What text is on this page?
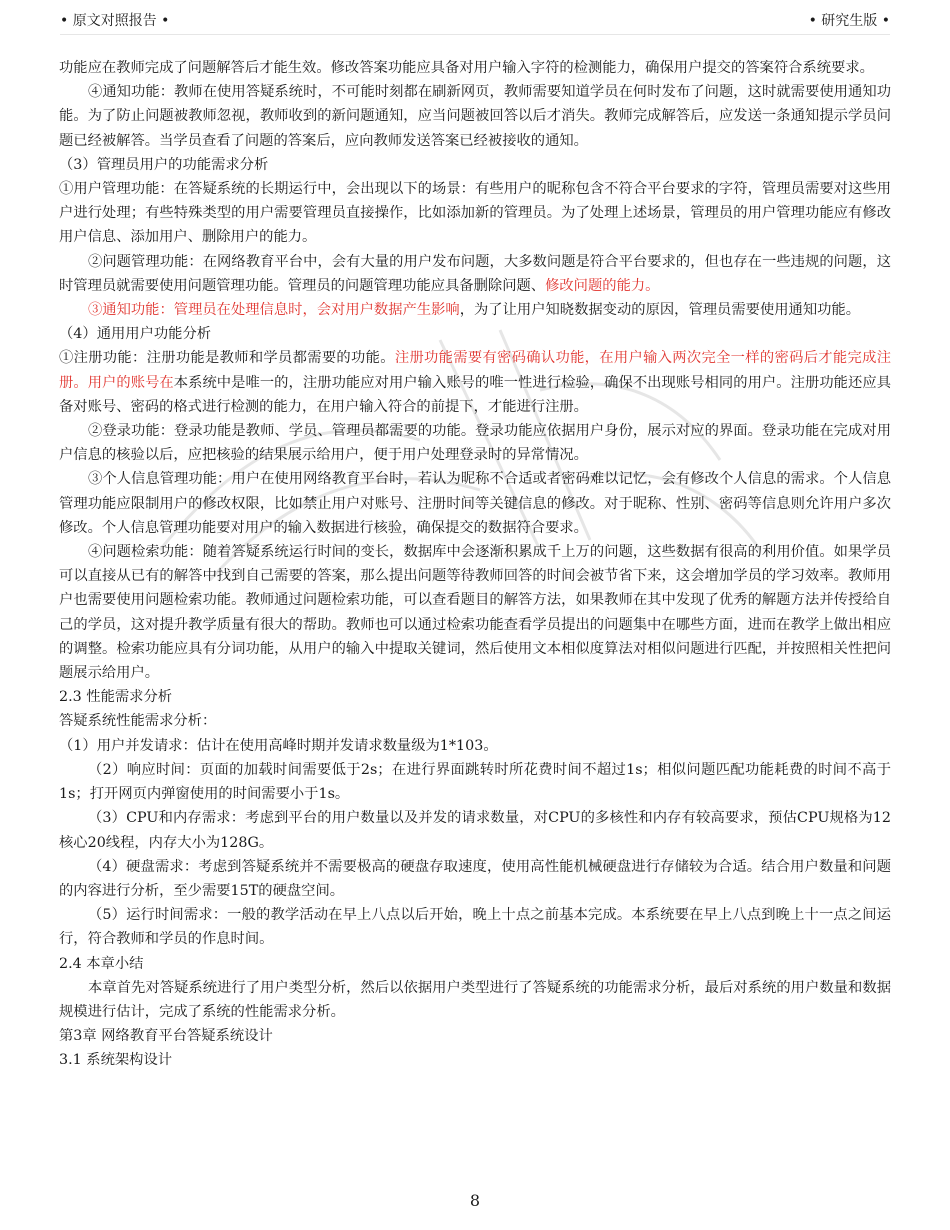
• 原文对照报告 •	• 研究生版 •

功能应在教师完成了问题解答后才能生效。修改答案功能应具备对用户输入字符的检测能力，确保用户提交的答案符合系统要求。

④通知功能：教师在使用答疑系统时，不可能时刻都在刷新网页，教师需要知道学员在何时发布了问题，这时就需要使用通知功能。为了防止问题被教师忽视，教师收到的新问题通知，应当问题被回答以后才消失。教师完成解答后，应发送一条通知提示学员问题已经被解答。当学员查看了问题的答案后，应向教师发送答案已经被接收的通知。

（3）管理员用户的功能需求分析

①用户管理功能：在答疑系统的长期运行中，会出现以下的场景：有些用户的昵称包含不符合平台要求的字符，管理员需要对这些用户进行处理；有些特殊类型的用户需要管理员直接操作，比如添加新的管理员。为了处理上述场景，管理员的用户管理功能应有修改用户信息、添加用户、删除用户的能力。

②问题管理功能：在网络教育平台中，会有大量的用户发布问题，大多数问题是符合平台要求的，但也存在一些违规的问题，这时管理员就需要使用问题管理功能。管理员的问题管理功能应具备删除问题、修改问题的能力。

③通知功能：管理员在处理信息时，会对用户数据产生影响，为了让用户知晓数据变动的原因，管理员需要使用通知功能。

（4）通用用户功能分析

①注册功能：注册功能是教师和学员都需要的功能。注册功能需要有密码确认功能，在用户输入两次完全一样的密码后才能完成注册。用户的账号在本系统中是唯一的，注册功能应对用户输入账号的唯一性进行检验，确保不出现账号相同的用户。注册功能还应具备对账号、密码的格式进行检测的能力，在用户输入符合的前提下，才能进行注册。

②登录功能：登录功能是教师、学员、管理员都需要的功能。登录功能应依据用户身份，展示对应的界面。登录功能在完成对用户信息的核验以后，应把核验的结果展示给用户，便于用户处理登录时的异常情况。

③个人信息管理功能：用户在使用网络教育平台时，若认为昵称不合适或者密码难以记忆，会有修改个人信息的需求。个人信息管理功能应限制用户的修改权限，比如禁止用户对账号、注册时间等关键信息的修改。对于昵称、性别、密码等信息则允许用户多次修改。个人信息管理功能要对用户的输入数据进行核验，确保提交的数据符合要求。

④问题检索功能：随着答疑系统运行时间的变长，数据库中会逐渐积累成千上万的问题，这些数据有很高的利用价值。如果学员可以直接从已有的解答中找到自己需要的答案，那么提出问题等待教师回答的时间会被节省下来，这会增加学员的学习效率。教师用户也需要使用问题检索功能。教师通过问题检索功能，可以查看题目的解答方法，如果教师在其中发现了优秀的解题方法并传授给自己的学员，这对提升教学质量有很大的帮助。教师也可以通过检索功能查看学员提出的问题集中在哪些方面，进而在教学上做出相应的调整。检索功能应具有分词功能，从用户的输入中提取关键词，然后使用文本相似度算法对相似问题进行匹配，并按照相关性把问题展示给用户。

2.3 性能需求分析

答疑系统性能需求分析：

（1）用户并发请求：估计在使用高峰时期并发请求数量级为1*103。

（2）响应时间：页面的加载时间需要低于2s；在进行界面跳转时所花费时间不超过1s；相似问题匹配功能耗费的时间不高于1s；打开网页内弹窗使用的时间需要小于1s。

（3）CPU和内存需求：考虑到平台的用户数量以及并发的请求数量，对CPU的多核性和内存有较高要求，预估CPU规格为12核心20线程，内存大小为128G。

（4）硬盘需求：考虑到答疑系统并不需要极高的硬盘存取速度，使用高性能机械硬盘进行存储较为合适。结合用户数量和问题的内容进行分析，至少需要15T的硬盘空间。

（5）运行时间需求：一般的教学活动在早上八点以后开始，晚上十点之前基本完成。本系统要在早上八点到晚上十一点之间运行，符合教师和学员的作息时间。

2.4 本章小结

本章首先对答疑系统进行了用户类型分析，然后以依据用户类型进行了答疑系统的功能需求分析，最后对系统的用户数量和数据规模进行估计，完成了系统的性能需求分析。

第3章 网络教育平台答疑系统设计

3.1 系统架构设计

8
